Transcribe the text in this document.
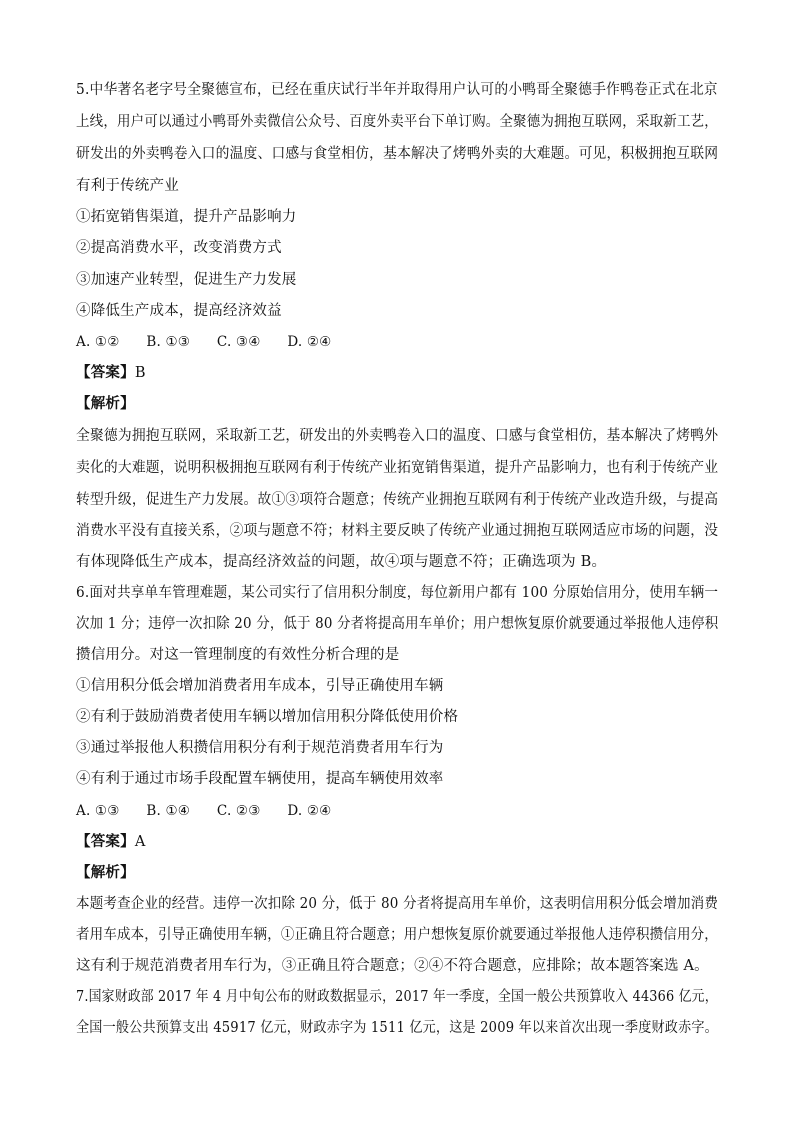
5.中华著名老字号全聚德宣布，已经在重庆试行半年并取得用户认可的小鸭哥全聚德手作鸭卷正式在北京
上线，用户可以通过小鸭哥外卖微信公众号、百度外卖平台下单订购。全聚德为拥抱互联网，采取新工艺，
研发出的外卖鸭卷入口的温度、口感与食堂相仿，基本解决了烤鸭外卖的大难题。可见，积极拥抱互联网
有利于传统产业
①拓宽销售渠道，提升产品影响力
②提高消费水平，改变消费方式
③加速产业转型，促进生产力发展
④降低生产成本，提高经济效益
A. ①② B. ①③ C. ③④ D. ②④
【答案】B
【解析】
全聚德为拥抱互联网，采取新工艺，研发出的外卖鸭卷入口的温度、口感与食堂相仿，基本解决了烤鸭外
卖化的大难题，说明积极拥抱互联网有利于传统产业拓宽销售渠道，提升产品影响力，也有利于传统产业
转型升级，促进生产力发展。故①③项符合题意；传统产业拥抱互联网有利于传统产业改造升级，与提高
消费水平没有直接关系，②项与题意不符；材料主要反映了传统产业通过拥抱互联网适应市场的问题，没
有体现降低生产成本，提高经济效益的问题，故④项与题意不符；正确选项为 B。
6.面对共享单车管理难题，某公司实行了信用积分制度，每位新用户都有 100 分原始信用分，使用车辆一
次加 1 分；违停一次扣除 20 分，低于 80 分者将提高用车单价；用户想恢复原价就要通过举报他人违停积
攒信用分。对这一管理制度的有效性分析合理的是
①信用积分低会增加消费者用车成本，引导正确使用车辆
②有利于鼓励消费者使用车辆以增加信用积分降低使用价格
③通过举报他人积攒信用积分有利于规范消费者用车行为
④有利于通过市场手段配置车辆使用，提高车辆使用效率
A. ①③ B. ①④ C. ②③ D. ②④
【答案】A
【解析】
本题考查企业的经营。违停一次扣除 20 分，低于 80 分者将提高用车单价，这表明信用积分低会增加消费
者用车成本，引导正确使用车辆，①正确且符合题意；用户想恢复原价就要通过举报他人违停积攒信用分，
这有利于规范消费者用车行为，③正确且符合题意；②④不符合题意，应排除；故本题答案选 A。
7.国家财政部 2017 年 4 月中旬公布的财政数据显示，2017 年一季度，全国一般公共预算收入 44366 亿元，
全国一般公共预算支出 45917 亿元，财政赤字为 1511 亿元，这是 2009 年以来首次出现一季度财政赤字。
